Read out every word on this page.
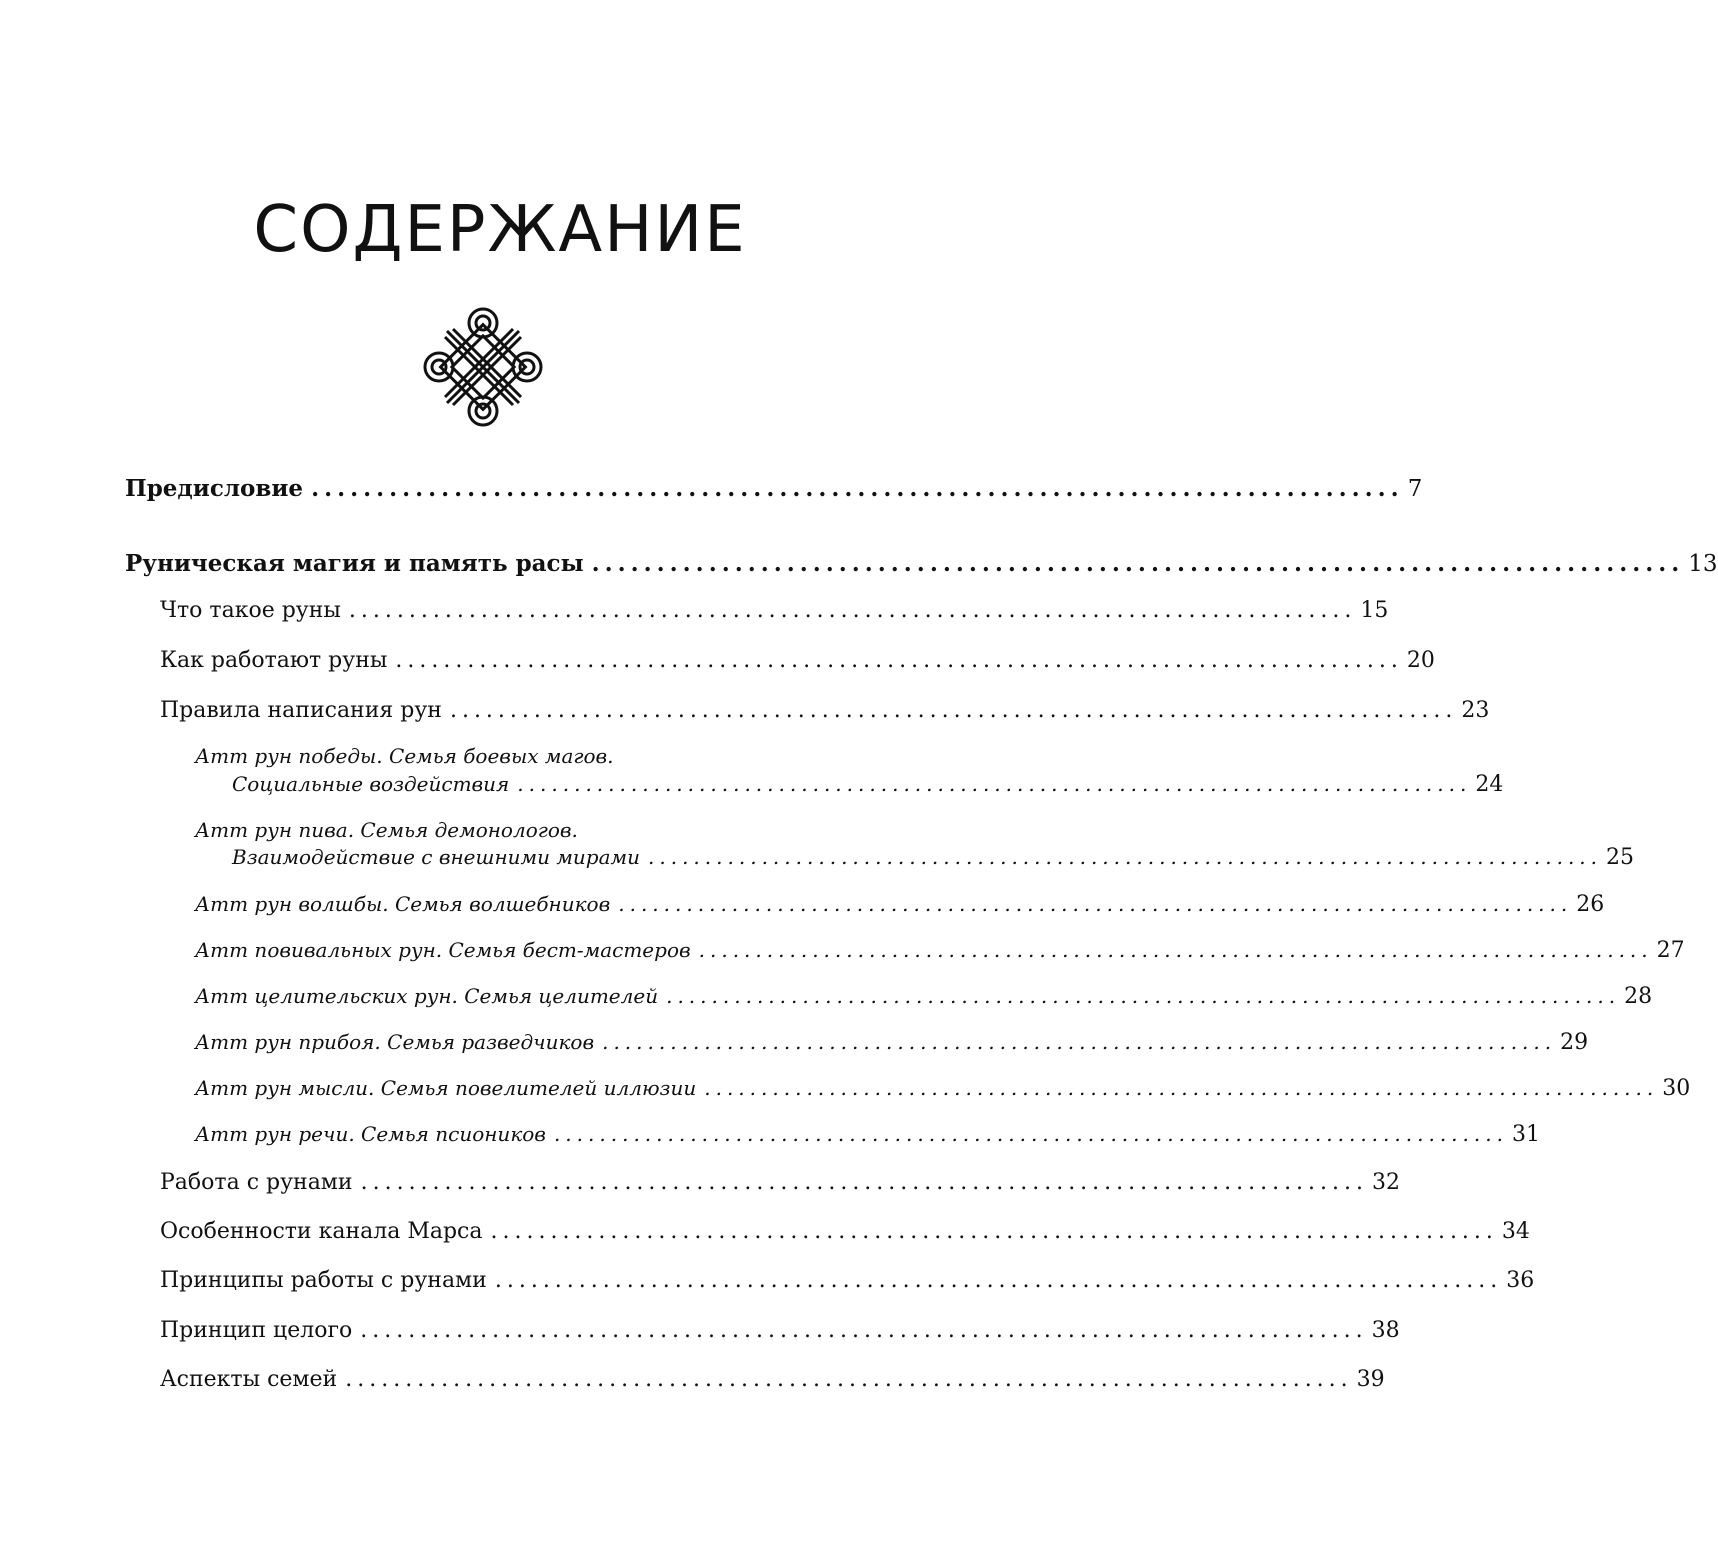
СОДЕРЖАНИЕ
Предисловие .................................................................................... 7
Руническая магия и память расы .................................................................................... 13
Что такое руны .................................................................................... 15
Как работают руны .................................................................................... 20
Правила написания рун .................................................................................... 23
Атт рун победы. Семья боевых магов.
Социальные воздействия .................................................................................... 24
Атт рун пива. Семья демонологов.
Взаимодействие с внешними мирами .................................................................................... 25
Атт рун волшбы. Семья волшебников .................................................................................... 26
Атт повивальных рун. Семья бест-мастеров .................................................................................... 27
Атт целительских рун. Семья целителей .................................................................................... 28
Атт рун прибоя. Семья разведчиков .................................................................................... 29
Атт рун мысли. Семья повелителей иллюзии .................................................................................... 30
Атт рун речи. Семья псиоников .................................................................................... 31
Работа с рунами .................................................................................... 32
Особенности канала Марса .................................................................................... 34
Принципы работы с рунами .................................................................................... 36
Принцип целого .................................................................................... 38
Аспекты семей .................................................................................... 39
